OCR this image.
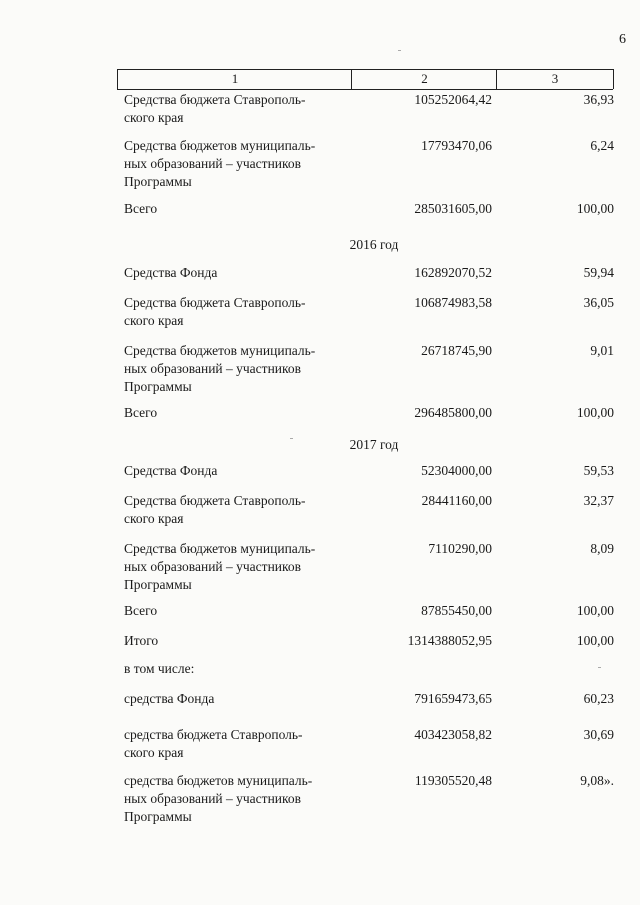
6
1	2	3
Средства бюджета Ставрополь-
ского края
105252064,42	36,93
Средства бюджетов муниципаль-
ных образований – участников
Программы
17793470,06	6,24
Всего	285031605,00	100,00
2016 год
Средства Фонда	162892070,52	59,94
Средства бюджета Ставрополь-
ского края
106874983,58	36,05
Средства бюджетов муниципаль-
ных образований – участников
Программы
26718745,90	9,01
Всего	296485800,00	100,00
2017 год
Средства Фонда	52304000,00	59,53
Средства бюджета Ставрополь-
ского края
28441160,00	32,37
Средства бюджетов муниципаль-
ных образований – участников
Программы
7110290,00	8,09
Всего	87855450,00	100,00
Итого	1314388052,95	100,00
в том числе:
средства Фонда	791659473,65	60,23
средства бюджета Ставрополь-
ского края
403423058,82	30,69
средства бюджетов муниципаль-
ных образований – участников
Программы
119305520,48	9,08».
